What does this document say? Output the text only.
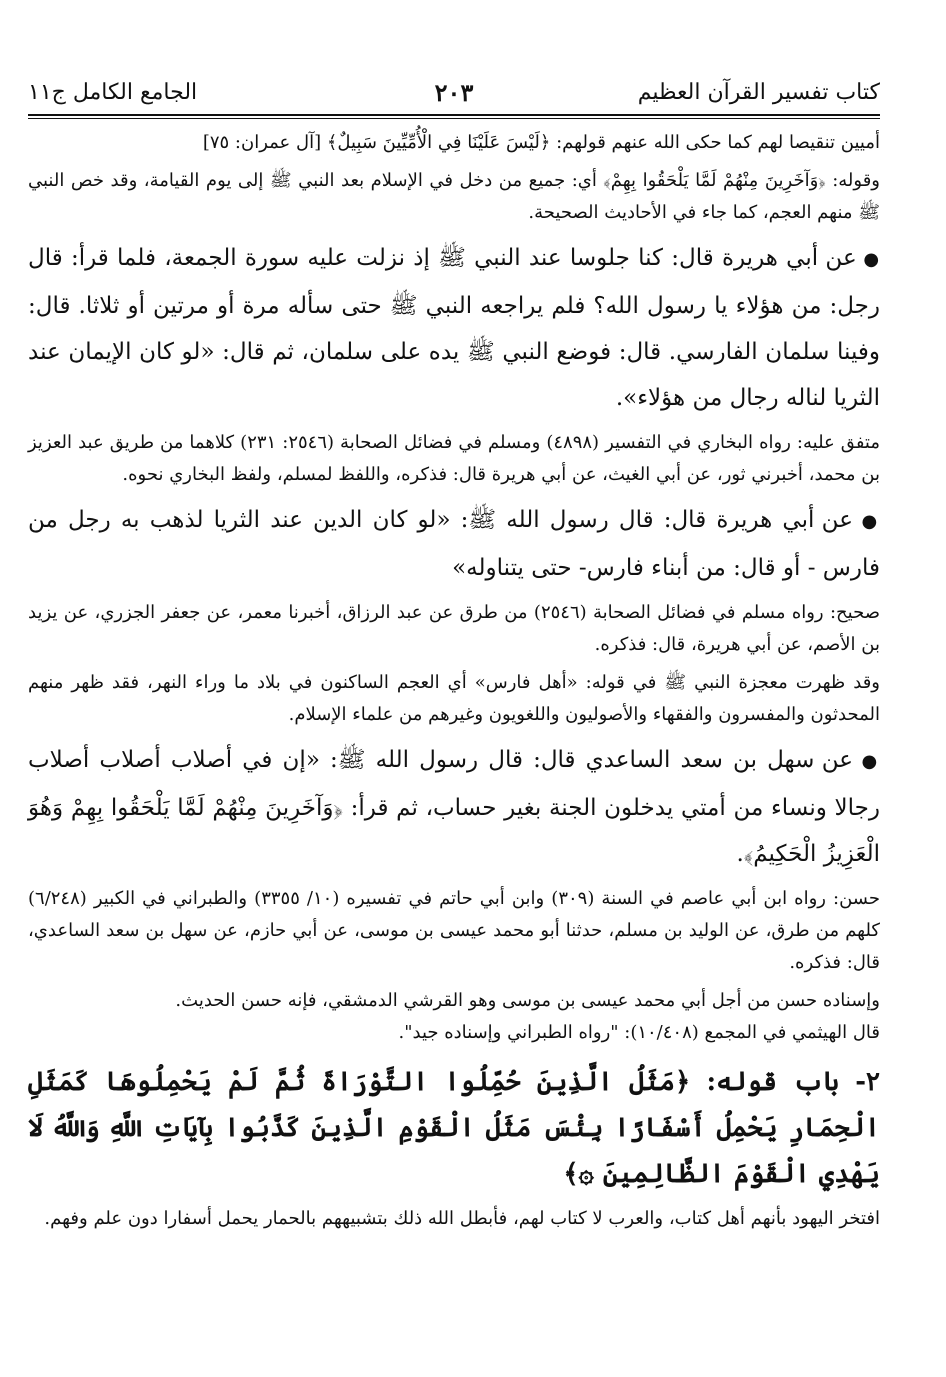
كتاب تفسير القرآن العظيم
٢٠٣
الجامع الكامل ج١١

أميين تنقيصا لهم كما حكى الله عنهم قولهم: ﴿لَيْسَ عَلَيْنَا فِي الْأُمِّيِّينَ سَبِيلٌ﴾ [آل عمران: ٧٥]

وقوله: ﴿وَآخَرِينَ مِنْهُمْ لَمَّا يَلْحَقُوا بِهِمْ﴾ أي: جميع من دخل في الإسلام بعد النبي ﷺ إلى يوم القيامة، وقد خص النبي ﷺ منهم العجم، كما جاء في الأحاديث الصحيحة.

● عن أبي هريرة قال: كنا جلوسا عند النبي ﷺ إذ نزلت عليه سورة الجمعة، فلما قرأ: قال رجل: من هؤلاء يا رسول الله؟ فلم يراجعه النبي ﷺ حتى سأله مرة أو مرتين أو ثلاثا. قال: وفينا سلمان الفارسي. قال: فوضع النبي ﷺ يده على سلمان، ثم قال: «لو كان الإيمان عند الثريا لناله رجال من هؤلاء».

متفق عليه: رواه البخاري في التفسير (٤٨٩٨) ومسلم في فضائل الصحابة (٢٥٤٦: ٢٣١) كلاهما من طريق عبد العزيز بن محمد، أخبرني ثور، عن أبي الغيث، عن أبي هريرة قال: فذكره، واللفظ لمسلم، ولفظ البخاري نحوه.

● عن أبي هريرة قال: قال رسول الله ﷺ: «لو كان الدين عند الثريا لذهب به رجل من فارس - أو قال: من أبناء فارس- حتى يتناوله»

صحيح: رواه مسلم في فضائل الصحابة (٢٥٤٦) من طرق عن عبد الرزاق، أخبرنا معمر، عن جعفر الجزري، عن يزيد بن الأصم، عن أبي هريرة، قال: فذكره.

وقد ظهرت معجزة النبي ﷺ في قوله: «أهل فارس» أي العجم الساكنون في بلاد ما وراء النهر، فقد ظهر منهم المحدثون والمفسرون والفقهاء والأصوليون واللغويون وغيرهم من علماء الإسلام.

● عن سهل بن سعد الساعدي قال: قال رسول الله ﷺ: «إن في أصلاب أصلاب أصلاب رجالا ونساء من أمتي يدخلون الجنة بغير حساب، ثم قرأ: ﴿وَآخَرِينَ مِنْهُمْ لَمَّا يَلْحَقُوا بِهِمْ وَهُوَ الْعَزِيزُ الْحَكِيمُ﴾.

حسن: رواه ابن أبي عاصم في السنة (٣٠٩) وابن أبي حاتم في تفسيره (١٠/ ٣٣٥٥) والطبراني في الكبير (٦/٢٤٨) كلهم من طرق، عن الوليد بن مسلم، حدثنا أبو محمد عيسى بن موسى، عن أبي حازم، عن سهل بن سعد الساعدي، قال: فذكره.

وإسناده حسن من أجل أبي محمد عيسى بن موسى وهو القرشي الدمشقي، فإنه حسن الحديث.

قال الهيثمي في المجمع (١٠/٤٠٨): "رواه الطبراني وإسناده جيد".

٢- باب قوله: ﴿مَثَلُ الَّذِينَ حُمِّلُوا التَّوْرَاةَ ثُمَّ لَمْ يَحْمِلُوهَا كَمَثَلِ الْحِمَارِ يَحْمِلُ أَسْفَارًا بِئْسَ مَثَلُ الْقَوْمِ الَّذِينَ كَذَّبُوا بِآيَاتِ اللَّهِ وَاللَّهُ لَا يَهْدِي الْقَوْمَ الظَّالِمِينَ ۞﴾

افتخر اليهود بأنهم أهل كتاب، والعرب لا كتاب لهم، فأبطل الله ذلك بتشبيههم بالحمار يحمل أسفارا دون علم وفهم.
